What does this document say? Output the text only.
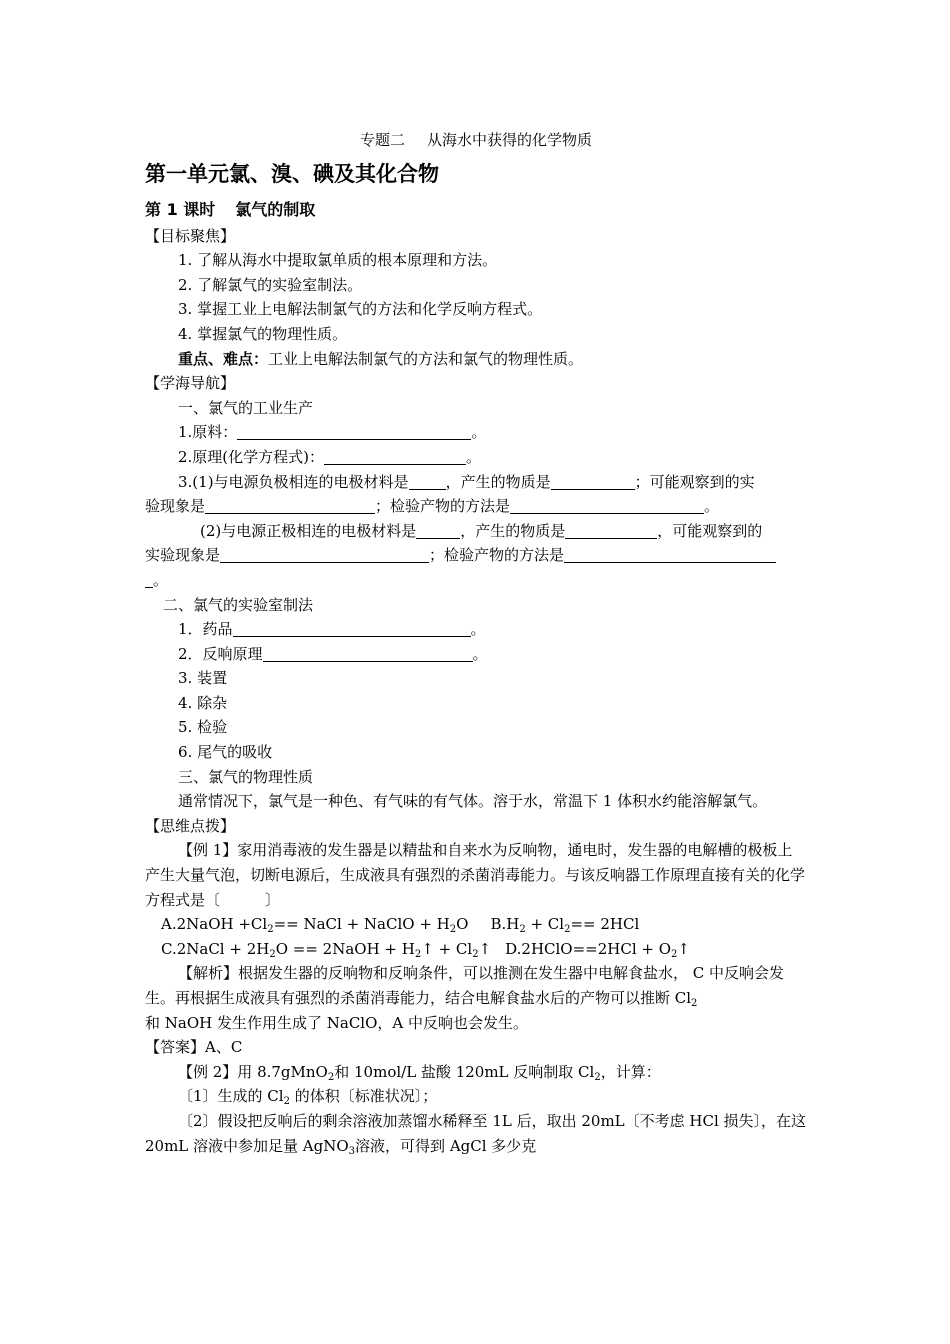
专题二 从海水中获得的化学物质

第一单元氯、溴、碘及其化合物

第 1 课时 氯气的制取

【目标聚焦】

1. 了解从海水中提取氯单质的根本原理和方法。

2. 了解氯气的实验室制法。

3. 掌握工业上电解法制氯气的方法和化学反响方程式。

4. 掌握氯气的物理性质。

重点、难点：工业上电解法制氯气的方法和氯气的物理性质。

【学海导航】

一、氯气的工业生产

1.原料：	。

2.原理(化学方程式)：	。

3.(1)与电源负极相连的电极材料是 ，产生的物质是	；可能观察到的实
验现象是	；检验产物的方法是	。

(2)与电源正极相连的电极材料是	，产生的物质是	，可能观察到的
实验现象是	；检验产物的方法是
。

二、氯气的实验室制法

1．药品	。

2．反响原理	。

3. 装置

4. 除杂

5. 检验

6. 尾气的吸收

三、氯气的物理性质

通常情况下，氯气是一种色、有气味的有气体。溶于水，常温下 1 体积水约能溶解氯气。

【思维点拨】

【例 1】家用消毒液的发生器是以精盐和自来水为反响物，通电时，发生器的电解槽的极板上产生大量气泡，切断电源后，生成液具有强烈的杀菌消毒能力。与该反响器工作原理直接有关的化学方程式是〔　　　〕

A.2NaOH $+Cl_2==$ NaCl + NaClO + $H_2O$ $B.H_2 + Cl_2== 2HCl$

C.2NaCl + $2H_2O$ == 2NaOH + $H_2↑$ + $Cl_2↑$ D.2HClO==2HCl + $O_2↑$

【解析】根据发生器的反响物和反响条件，可以推测在发生器中电解食盐水， C 中反响会发生。再根据生成液具有强烈的杀菌消毒能力，结合电解食盐水后的产物可以推断 $Cl_2$
和 NaOH 发生作用生成了 NaClO，A 中反响也会发生。

【答案】A、C

【例 2】用 8.7gMnO$_2$和 10mol/L 盐酸 120mL 反响制取 $Cl_2$，计算：

〔1〕生成的 $Cl_2$ 的体积〔标准状况〕；

〔2〕假设把反响后的剩余溶液加蒸馏水稀释至 1L 后，取出 20mL〔不考虑 HCl 损失〕，在这 20mL 溶液中参加足量 AgNO$_3$溶液，可得到 AgCl 多少克
